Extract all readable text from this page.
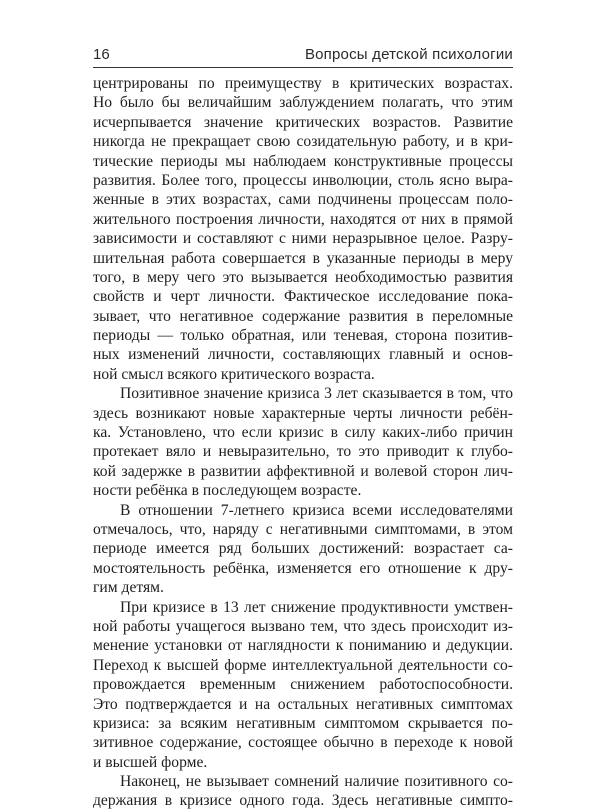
16	Вопросы детской психологии
центрированы по преимуществу в критических возрастах.
Но было бы величайшим заблуждением полагать, что этим
исчерпывается значение критических возрастов. Развитие
никогда не прекращает свою созидательную работу, и в кри-
тические периоды мы наблюдаем конструктивные процессы
развития. Более того, процессы инволюции, столь ясно выра-
женные в этих возрастах, сами подчинены процессам поло-
жительного построения личности, находятся от них в прямой
зависимости и составляют с ними неразрывное целое. Разру-
шительная работа совершается в указанные периоды в меру
того, в меру чего это вызывается необходимостью развития
свойств и черт личности. Фактическое исследование пока-
зывает, что негативное содержание развития в переломные
периоды — только обратная, или теневая, сторона позитив-
ных изменений личности, составляющих главный и основ-
ной смысл всякого критического возраста.
Позитивное значение кризиса 3 лет сказывается в том, что
здесь возникают новые характерные черты личности ребён-
ка. Установлено, что если кризис в силу каких-либо причин
протекает вяло и невыразительно, то это приводит к глубо-
кой задержке в развитии аффективной и волевой сторон лич-
ности ребёнка в последующем возрасте.
В отношении 7-летнего кризиса всеми исследователями
отмечалось, что, наряду с негативными симптомами, в этом
периоде имеется ряд больших достижений: возрастает са-
мостоятельность ребёнка, изменяется его отношение к дру-
гим детям.
При кризисе в 13 лет снижение продуктивности умствен-
ной работы учащегося вызвано тем, что здесь происходит из-
менение установки от наглядности к пониманию и дедукции.
Переход к высшей форме интеллектуальной деятельности со-
провождается временным снижением работоспособности.
Это подтверждается и на остальных негативных симптомах
кризиса: за всяким негативным симптомом скрывается по-
зитивное содержание, состоящее обычно в переходе к новой
и высшей форме.
Наконец, не вызывает сомнений наличие позитивного со-
держания в кризисе одного года. Здесь негативные симпто-
